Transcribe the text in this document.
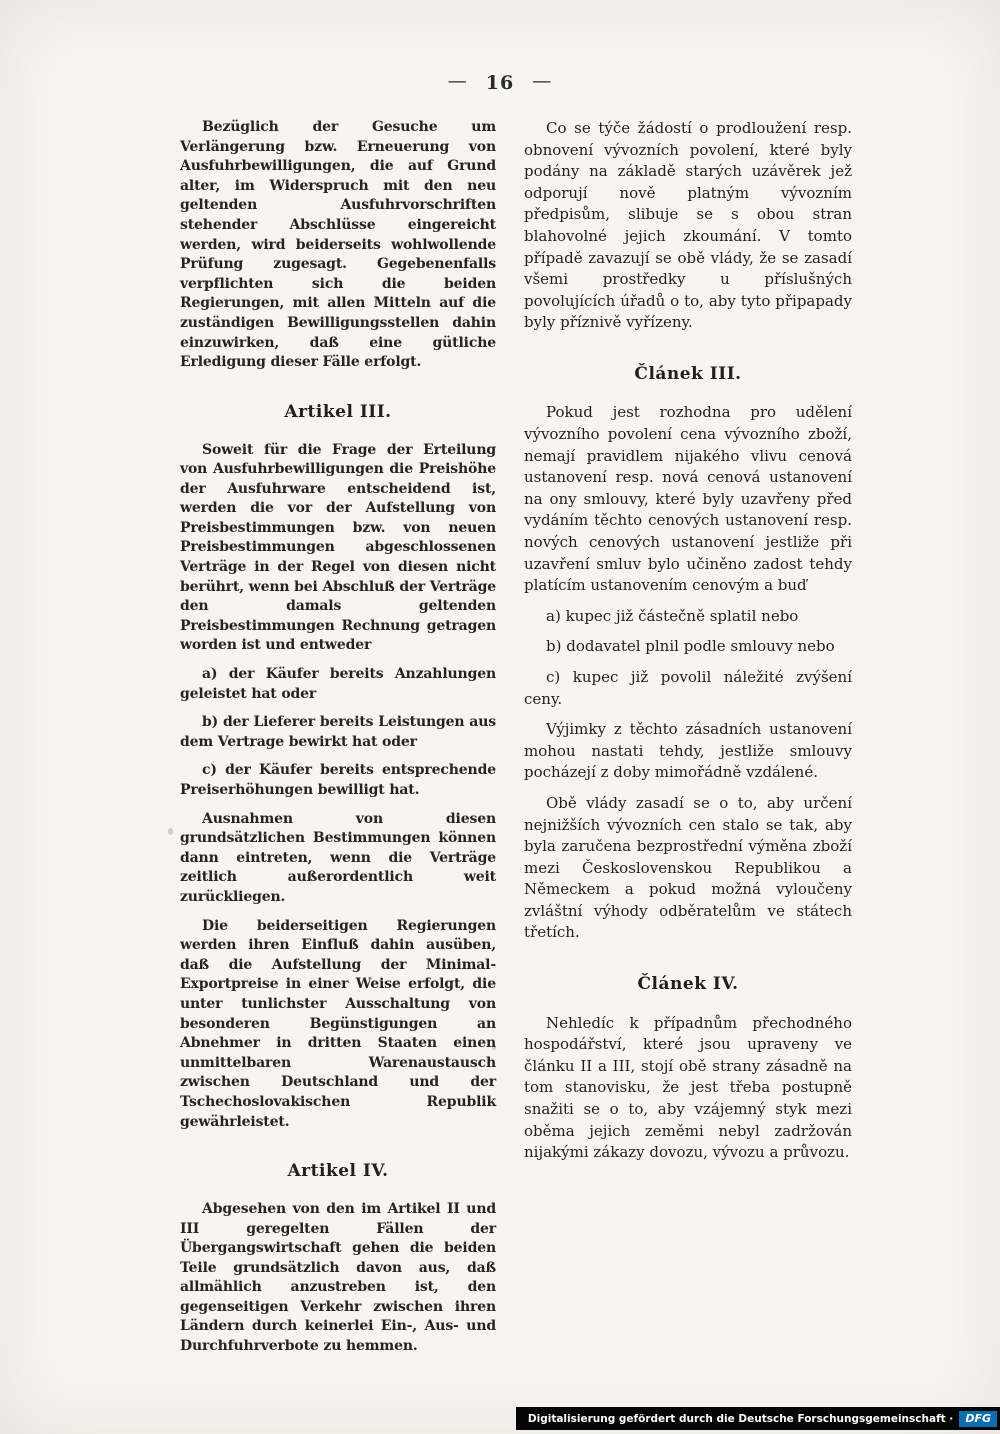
— 16 —

Bezüglich der Gesuche um Verlängerung bzw. Erneuerung von Ausfuhrbewilligungen, die auf Grund alter, im Widerspruch mit den neu geltenden Ausfuhrvorschriften stehender Abschlüsse eingereicht werden, wird beiderseits wohlwollende Prüfung zugesagt. Gegebenenfalls verpflichten sich die beiden Regierungen, mit allen Mitteln auf die zuständigen Bewilligungsstellen dahin einzuwirken, daß eine gütliche Erledigung dieser Fälle erfolgt.

Artikel III.

Soweit für die Frage der Erteilung von Ausfuhrbewilligungen die Preishöhe der Ausfuhrware entscheidend ist, werden die vor der Aufstellung von Preisbestimmungen bzw. von neuen Preisbestimmungen abgeschlossenen Verträge in der Regel von diesen nicht berührt, wenn bei Abschluß der Verträge den damals geltenden Preisbestimmungen Rechnung getragen worden ist und entweder

a) der Käufer bereits Anzahlungen geleistet hat oder

b) der Lieferer bereits Leistungen aus dem Vertrage bewirkt hat oder

c) der Käufer bereits entsprechende Preiserhöhungen bewilligt hat.

Ausnahmen von diesen grundsätzlichen Bestimmungen können dann eintreten, wenn die Verträge zeitlich außerordentlich weit zurückliegen.

Die beiderseitigen Regierungen werden ihren Einfluß dahin ausüben, daß die Aufstellung der Minimal-Exportpreise in einer Weise erfolgt, die unter tunlichster Ausschaltung von besonderen Begünstigungen an Abnehmer in dritten Staaten einen unmittelbaren Warenaustausch zwischen Deutschland und der Tschechoslovakischen Republik gewährleistet.

Artikel IV.

Abgesehen von den im Artikel II und III geregelten Fällen der Übergangswirtschaft gehen die beiden Teile grundsätzlich davon aus, daß allmählich anzustreben ist, den gegenseitigen Verkehr zwischen ihren Ländern durch keinerlei Ein-, Aus- und Durchfuhrverbote zu hemmen.

Co se týče žádostí o prodloužení resp. obnovení vývozních povolení, které byly podány na základě starých uzávěrek jež odporují nově platným vývozním předpisům, slibuje se s obou stran blahovolné jejich zkoumání. V tomto případě zavazují se obě vlády, že se zasadí všemi prostředky u příslušných povolujících úřadů o to, aby tyto připapady byly příznivě vyřízeny.

Článek III.

Pokud jest rozhodna pro udělení vývozního povolení cena vývozního zboží, nemají pravidlem nijakého vlivu cenová ustanovení resp. nová cenová ustanovení na ony smlouvy, které byly uzavřeny před vydáním těchto cenových ustanovení resp. nových cenových ustanovení jestliže při uzavření smluv bylo učiněno zadost tehdy platícím ustanovením cenovým a buď

a) kupec již částečně splatil nebo

b) dodavatel plnil podle smlouvy nebo

c) kupec již povolil náležité zvýšení ceny.

Výjimky z těchto zásadních ustanovení mohou nastati tehdy, jestliže smlouvy pocházejí z doby mimořádně vzdálené.

Obě vlády zasadí se o to, aby určení nejnižších vývozních cen stalo se tak, aby byla zaručena bezprostřední výměna zboží mezi Československou Republikou a Německem a pokud možná vyloučeny zvláštní výhody odběratelům ve státech třetích.

Článek IV.

Nehledíc k případnům přechodného hospodářství, které jsou upraveny ve článku II a III, stojí obě strany zásadně na tom stanovisku, že jest třeba postupně snažiti se o to, aby vzájemný styk mezi oběma jejich zeměmi nebyl zadržován nijakými zákazy dovozu, vývozu a průvozu.

Digitalisierung gefördert durch die Deutsche Forschungsgemeinschaft ·	DFG
